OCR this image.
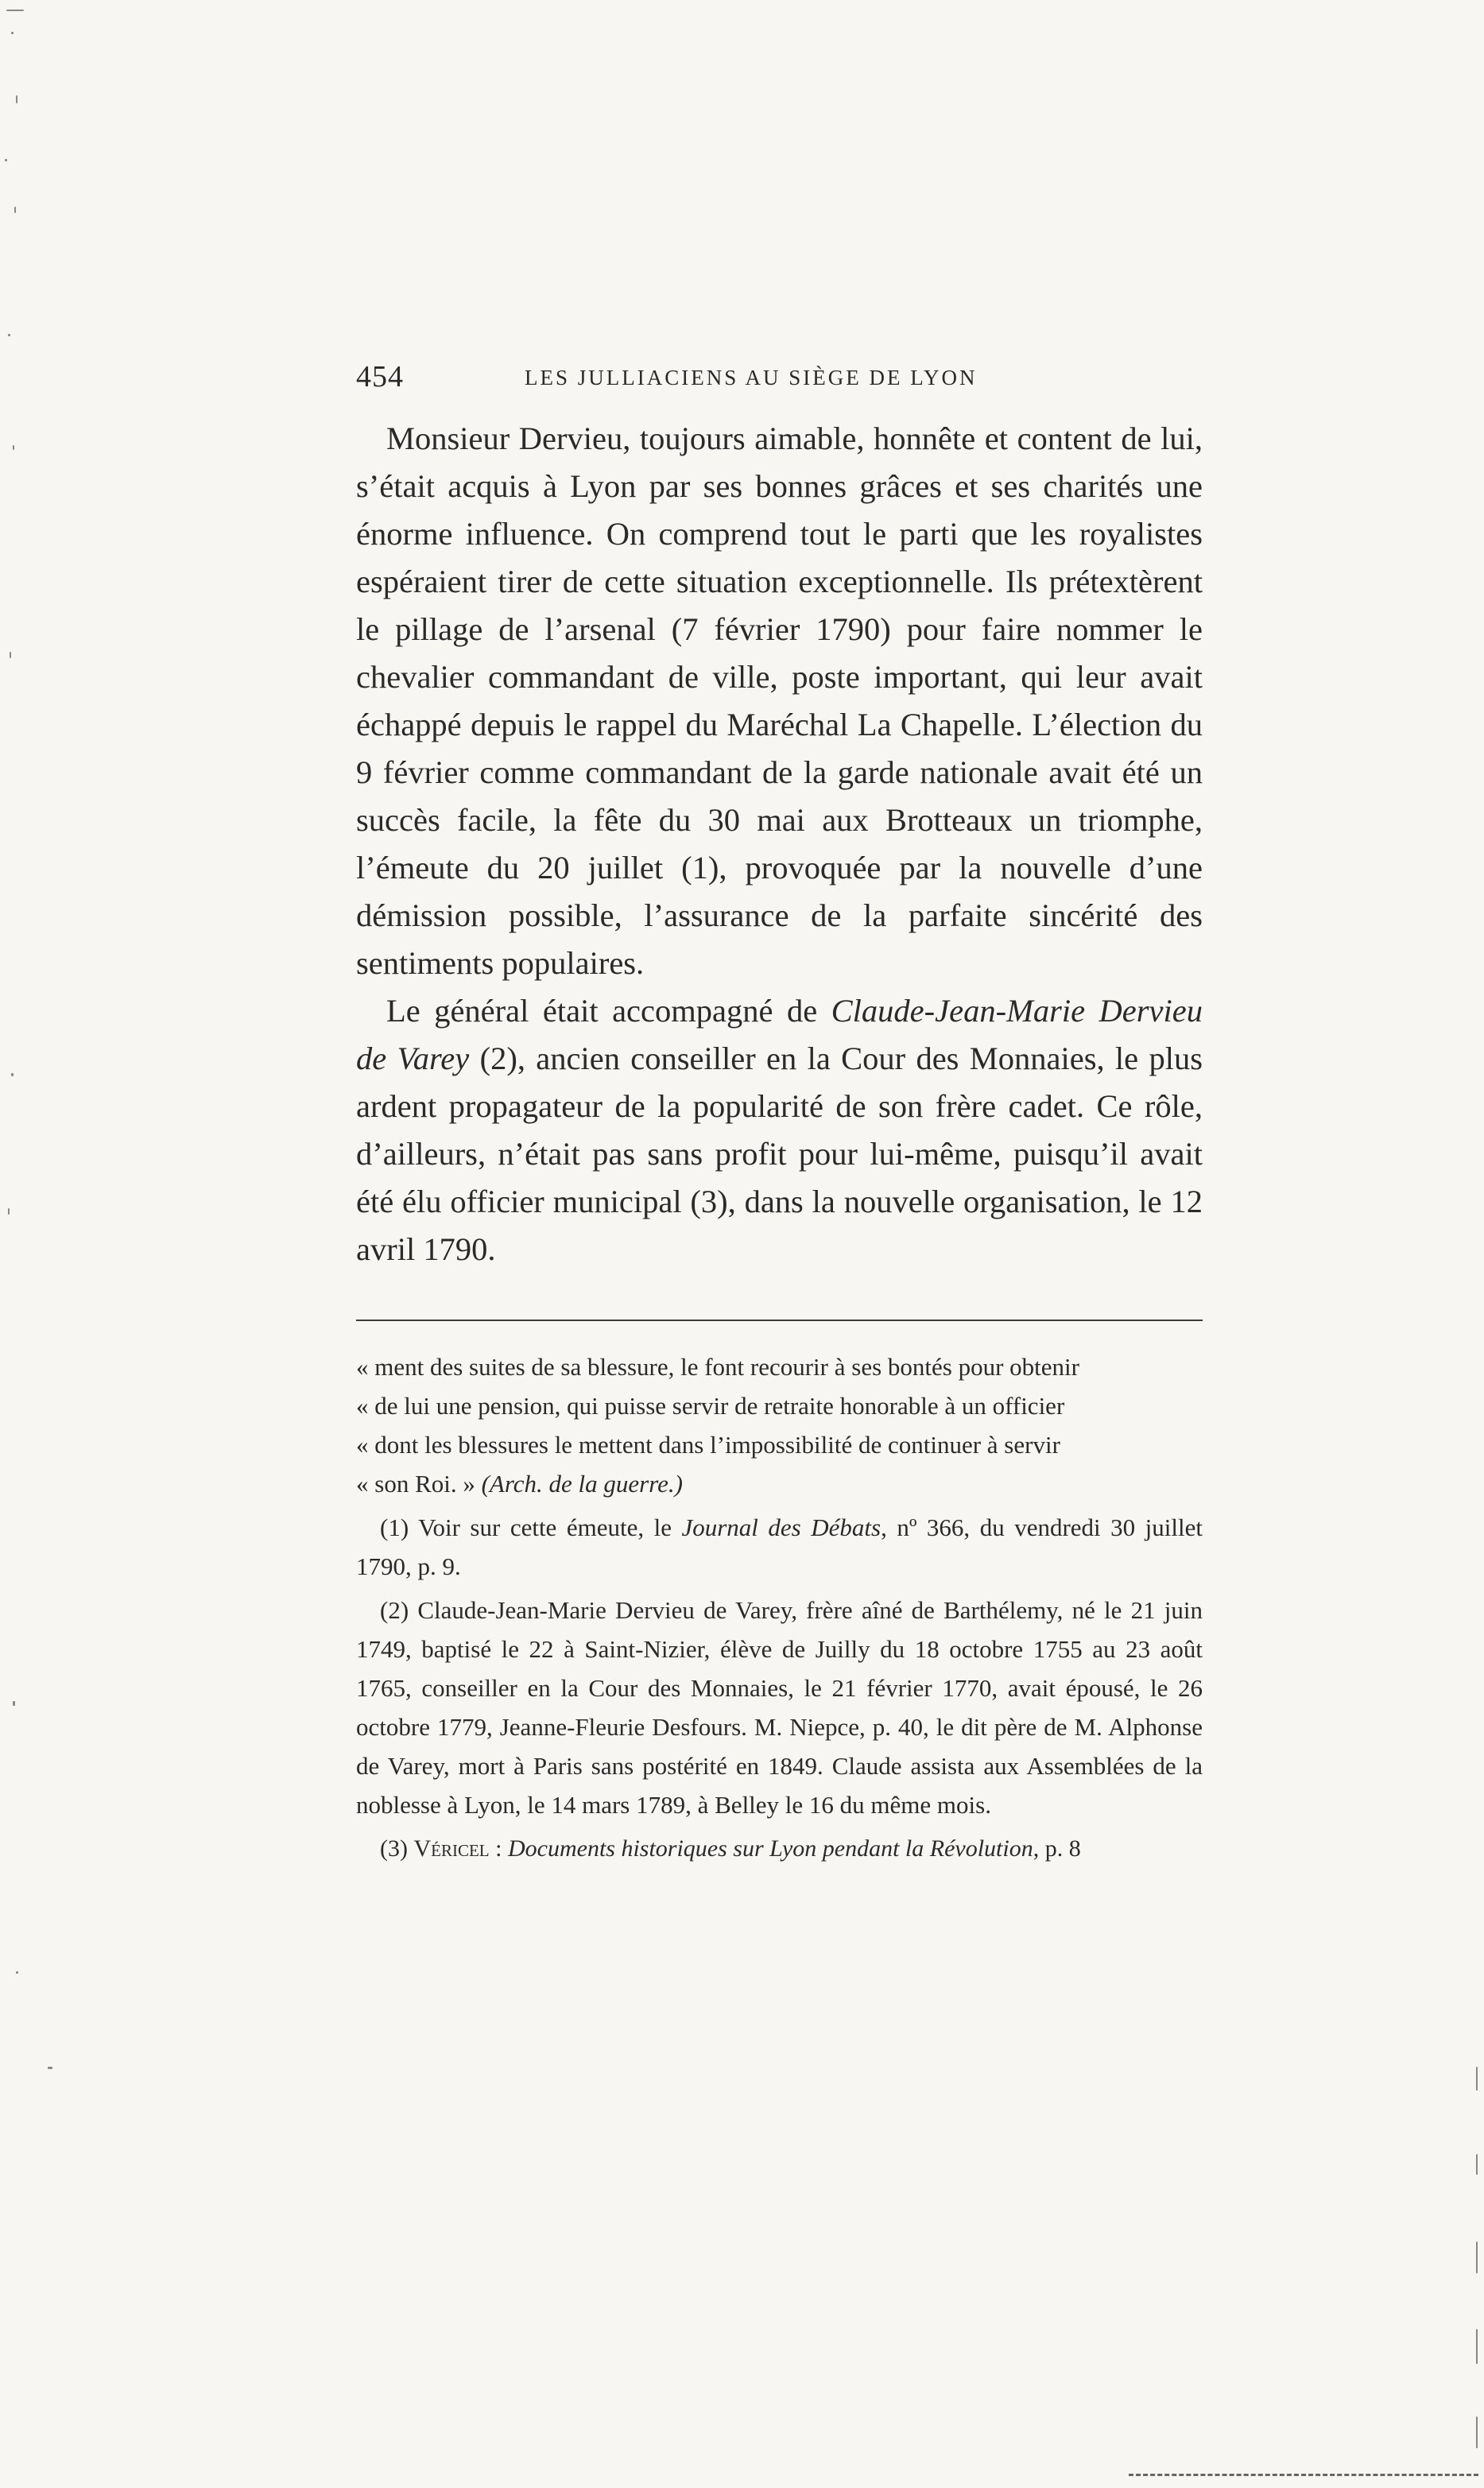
454	LES JULLIACIENS AU SIÈGE DE LYON

Monsieur Dervieu, toujours aimable, honnête et content de lui, s’était acquis à Lyon par ses bonnes grâces et ses charités une énorme influence. On comprend tout le parti que les royalistes espéraient tirer de cette situation exceptionnelle. Ils prétextèrent le pillage de l’arsenal (7 février 1790) pour faire nommer le chevalier commandant de ville, poste important, qui leur avait échappé depuis le rappel du Maréchal La Chapelle. L’élection du 9 février comme commandant de la garde nationale avait été un succès facile, la fête du 30 mai aux Brotteaux un triomphe, l’émeute du 20 juillet (1), provoquée par la nouvelle d’une démission possible, l’assurance de la parfaite sincérité des sentiments populaires.

Le général était accompagné de Claude-Jean-Marie Dervieu de Varey (2), ancien conseiller en la Cour des Monnaies, le plus ardent propagateur de la popularité de son frère cadet. Ce rôle, d’ailleurs, n’était pas sans profit pour lui-même, puisqu’il avait été élu officier municipal (3), dans la nouvelle organisation, le 12 avril 1790.

« ment des suites de sa blessure, le font recourir à ses bontés pour obtenir

« de lui une pension, qui puisse servir de retraite honorable à un officier

« dont les blessures le mettent dans l’impossibilité de continuer à servir

« son Roi. » (Arch. de la guerre.)

(1) Voir sur cette émeute, le Journal des Débats, nº 366, du vendredi 30 juillet 1790, p. 9.

(2) Claude-Jean-Marie Dervieu de Varey, frère aîné de Barthélemy, né le 21 juin 1749, baptisé le 22 à Saint-Nizier, élève de Juilly du 18 octobre 1755 au 23 août 1765, conseiller en la Cour des Monnaies, le 21 février 1770, avait épousé, le 26 octobre 1779, Jeanne-Fleurie Desfours. M. Niepce, p. 40, le dit père de M. Alphonse de Varey, mort à Paris sans postérité en 1849. Claude assista aux Assemblées de la noblesse à Lyon, le 14 mars 1789, à Belley le 16 du même mois.

(3) Véricel : Documents historiques sur Lyon pendant la Révolution, p. 8
